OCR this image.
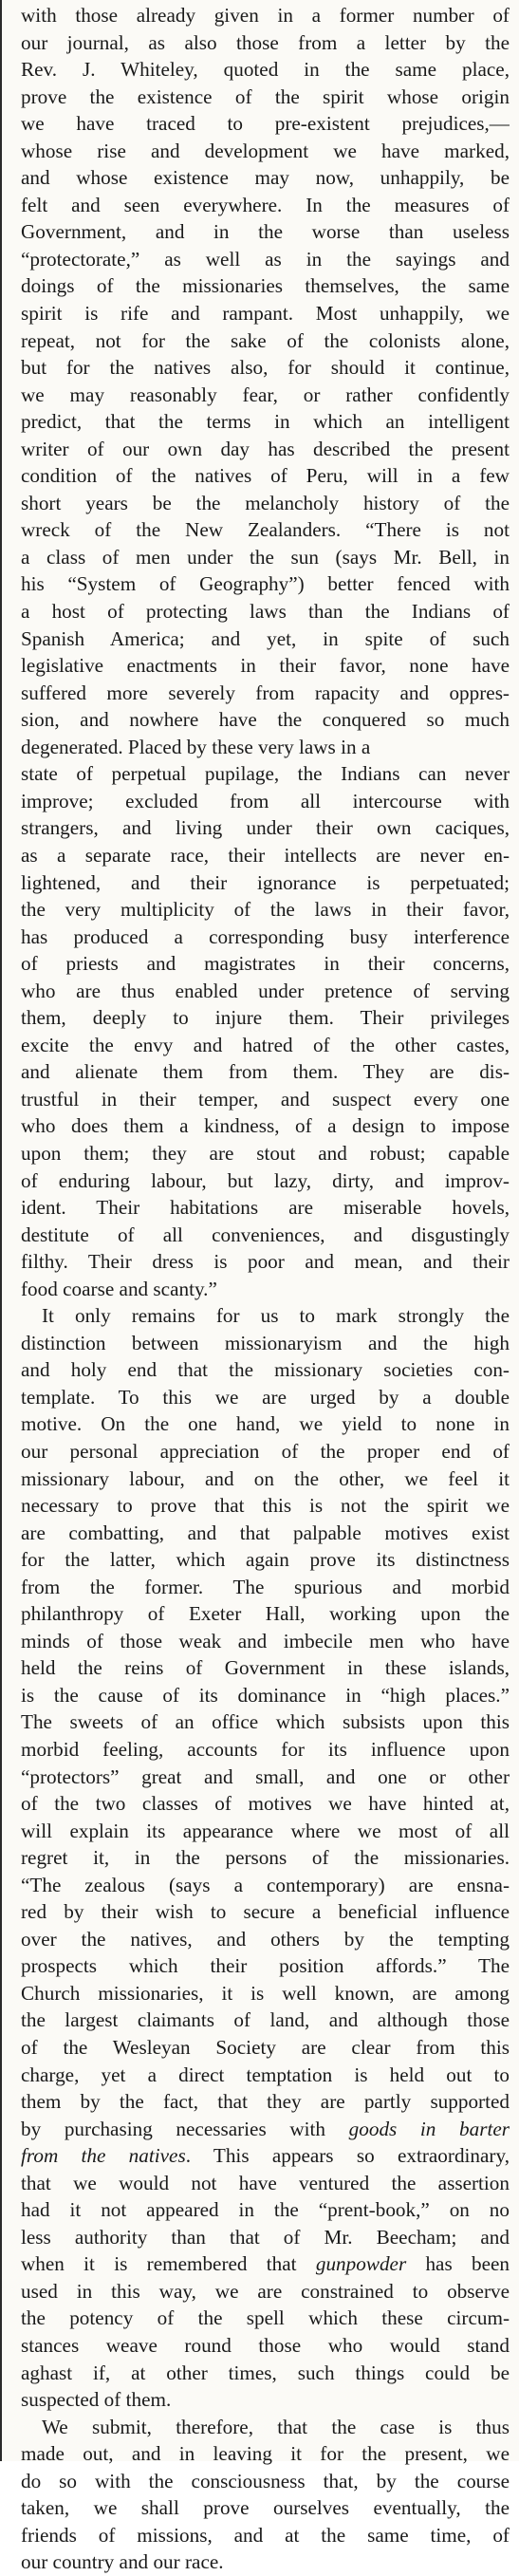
with those already given in a former number of
our journal, as also those from a letter by the
Rev. J. Whiteley, quoted in the same place,
prove the existence of the spirit whose origin
we have traced to pre-existent prejudices,—
whose rise and development we have marked,
and whose existence may now, unhappily, be
felt and seen everywhere. In the measures of
Government, and in the worse than useless
“protectorate,” as well as in the sayings and
doings of the missionaries themselves, the same
spirit is rife and rampant. Most unhappily, we
repeat, not for the sake of the colonists alone,
but for the natives also, for should it continue,
we may reasonably fear, or rather confidently
predict, that the terms in which an intelligent
writer of our own day has described the present
condition of the natives of Peru, will in a few
short years be the melancholy history of the
wreck of the New Zealanders. “There is not
a class of men under the sun (says Mr. Bell, in
his “System of Geography”) better fenced with
a host of protecting laws than the Indians of
Spanish America; and yet, in spite of such
legislative enactments in their favor, none have
suffered more severely from rapacity and oppres-
sion, and nowhere have the conquered so much
degenerated. Placed by these very laws in a
state of perpetual pupilage, the Indians can never
improve; excluded from all intercourse with
strangers, and living under their own caciques,
as a separate race, their intellects are never en-
lightened, and their ignorance is perpetuated;
the very multiplicity of the laws in their favor,
has produced a corresponding busy interference
of priests and magistrates in their concerns,
who are thus enabled under pretence of serving
them, deeply to injure them. Their privileges
excite the envy and hatred of the other castes,
and alienate them from them. They are dis-
trustful in their temper, and suspect every one
who does them a kindness, of a design to impose
upon them; they are stout and robust; capable
of enduring labour, but lazy, dirty, and improv-
ident. Their habitations are miserable hovels,
destitute of all conveniences, and disgustingly
filthy. Their dress is poor and mean, and their
food coarse and scanty.”
It only remains for us to mark strongly the
distinction between missionaryism and the high
and holy end that the missionary societies con-
template. To this we are urged by a double
motive. On the one hand, we yield to none in
our personal appreciation of the proper end of
missionary labour, and on the other, we feel it
necessary to prove that this is not the spirit we
are combatting, and that palpable motives exist
for the latter, which again prove its distinctness
from the former. The spurious and morbid
philanthropy of Exeter Hall, working upon the
minds of those weak and imbecile men who have
held the reins of Government in these islands,
is the cause of its dominance in “high places.”
The sweets of an office which subsists upon this
morbid feeling, accounts for its influence upon
“protectors” great and small, and one or other
of the two classes of motives we have hinted at,
will explain its appearance where we most of all
regret it, in the persons of the missionaries.
“The zealous (says a contemporary) are ensna-
red by their wish to secure a beneficial influence
over the natives, and others by the tempting
prospects which their position affords.” The
Church missionaries, it is well known, are among
the largest claimants of land, and although those
of the Wesleyan Society are clear from this
charge, yet a direct temptation is held out to
them by the fact, that they are partly supported
by purchasing necessaries with goods in barter
from the natives. This appears so extraordinary,
that we would not have ventured the assertion
had it not appeared in the “prent-book,” on no
less authority than that of Mr. Beecham; and
when it is remembered that gunpowder has been
used in this way, we are constrained to observe
the potency of the spell which these circum-
stances weave round those who would stand
aghast if, at other times, such things could be
suspected of them.
We submit, therefore, that the case is thus
made out, and in leaving it for the present, we
do so with the consciousness that, by the course
taken, we shall prove ourselves eventually, the
friends of missions, and at the same time, of
our country and our race.
